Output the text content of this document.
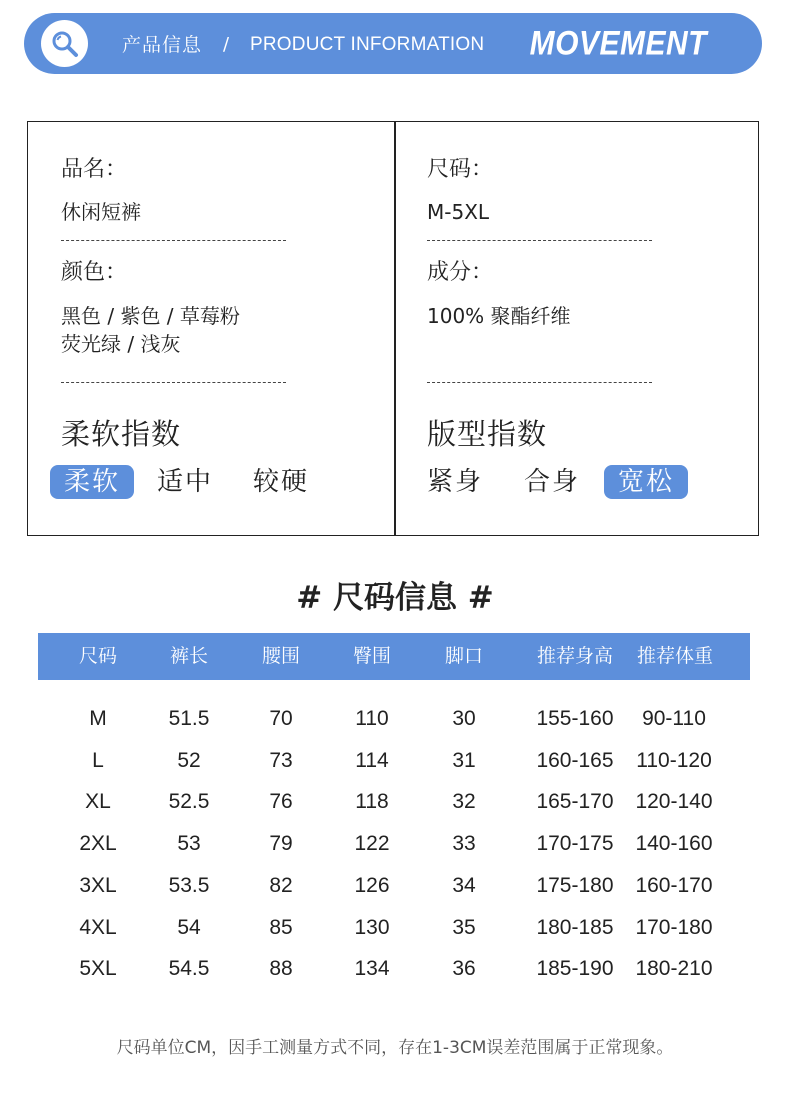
产品信息 / PRODUCT INFORMATION MOVEMENT
品名：
休闲短裤
颜色：
黑色 / 紫色 / 草莓粉
荧光绿 / 浅灰
柔软指数
柔软	适中 较硬
尺码：
M-5XL
成分：
100% 聚酯纤维
版型指数
紧身 合身	宽松
# 尺码信息 #
尺码	裤长	腰围	臀围	脚口	推荐身高	推荐体重
M	51.5	70	110	30	155-160	90-110
L	52	73	114	31	160-165	110-120
XL	52.5	76	118	32	165-170	120-140
2XL	53	79	122	33	170-175	140-160
3XL	53.5	82	126	34	175-180	160-170
4XL	54	85	130	35	180-185	170-180
5XL	54.5	88	134	36	185-190	180-210
尺码单位CM，因手工测量方式不同，存在1-3CM误差范围属于正常现象。
